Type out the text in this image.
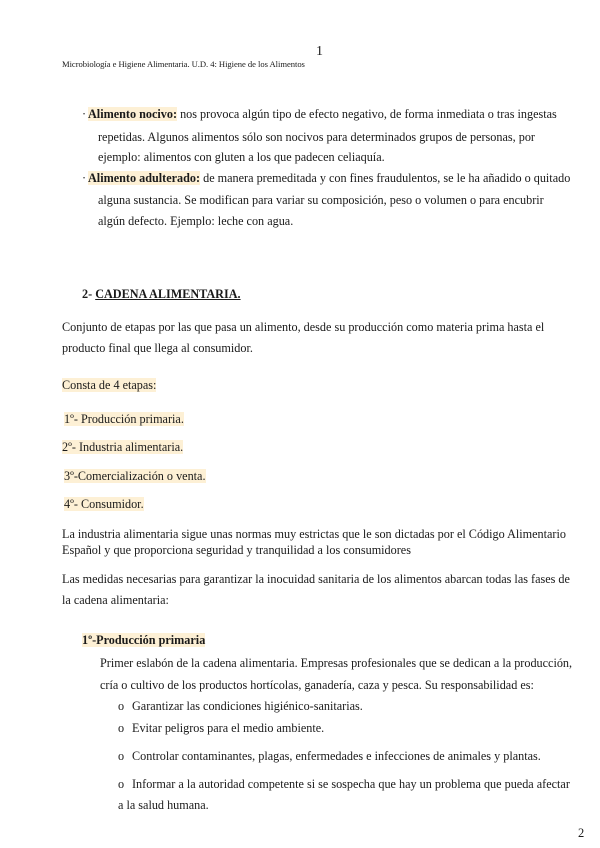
1
Microbiología e Higiene Alimentaria. U.D. 4: Higiene de los Alimentos
· Alimento nocivo: nos provoca algún tipo de efecto negativo, de forma inmediata o tras ingestas
repetidas. Algunos alimentos sólo son nocivos para determinados grupos de personas, por
ejemplo: alimentos con gluten a los que padecen celiaquía.
· Alimento adulterado: de manera premeditada y con fines fraudulentos, se le ha añadido o quitado
alguna sustancia. Se modifican para variar su composición, peso o volumen o para encubrir
algún defecto. Ejemplo: leche con agua.
2- CADENA ALIMENTARIA.
Conjunto de etapas por las que pasa un alimento, desde su producción como materia prima hasta el
producto final que llega al consumidor.
Consta de 4 etapas:
1º- Producción primaria.
2º- Industria alimentaria.
3º-Comercialización o venta.
4º- Consumidor.
La industria alimentaria sigue unas normas muy estrictas que le son dictadas por el Código Alimentario
Español y que proporciona seguridad y tranquilidad a los consumidores
Las medidas necesarias para garantizar la inocuidad sanitaria de los alimentos abarcan todas las fases de
la cadena alimentaria:
1º-Producción primaria
Primer eslabón de la cadena alimentaria. Empresas profesionales que se dedican a la producción,
cría o cultivo de los productos hortícolas, ganadería, caza y pesca. Su responsabilidad es:
o Garantizar las condiciones higiénico-sanitarias.
o Evitar peligros para el medio ambiente.
o Controlar contaminantes, plagas, enfermedades e infecciones de animales y plantas.
o Informar a la autoridad competente si se sospecha que hay un problema que pueda afectar
a la salud humana.
2
